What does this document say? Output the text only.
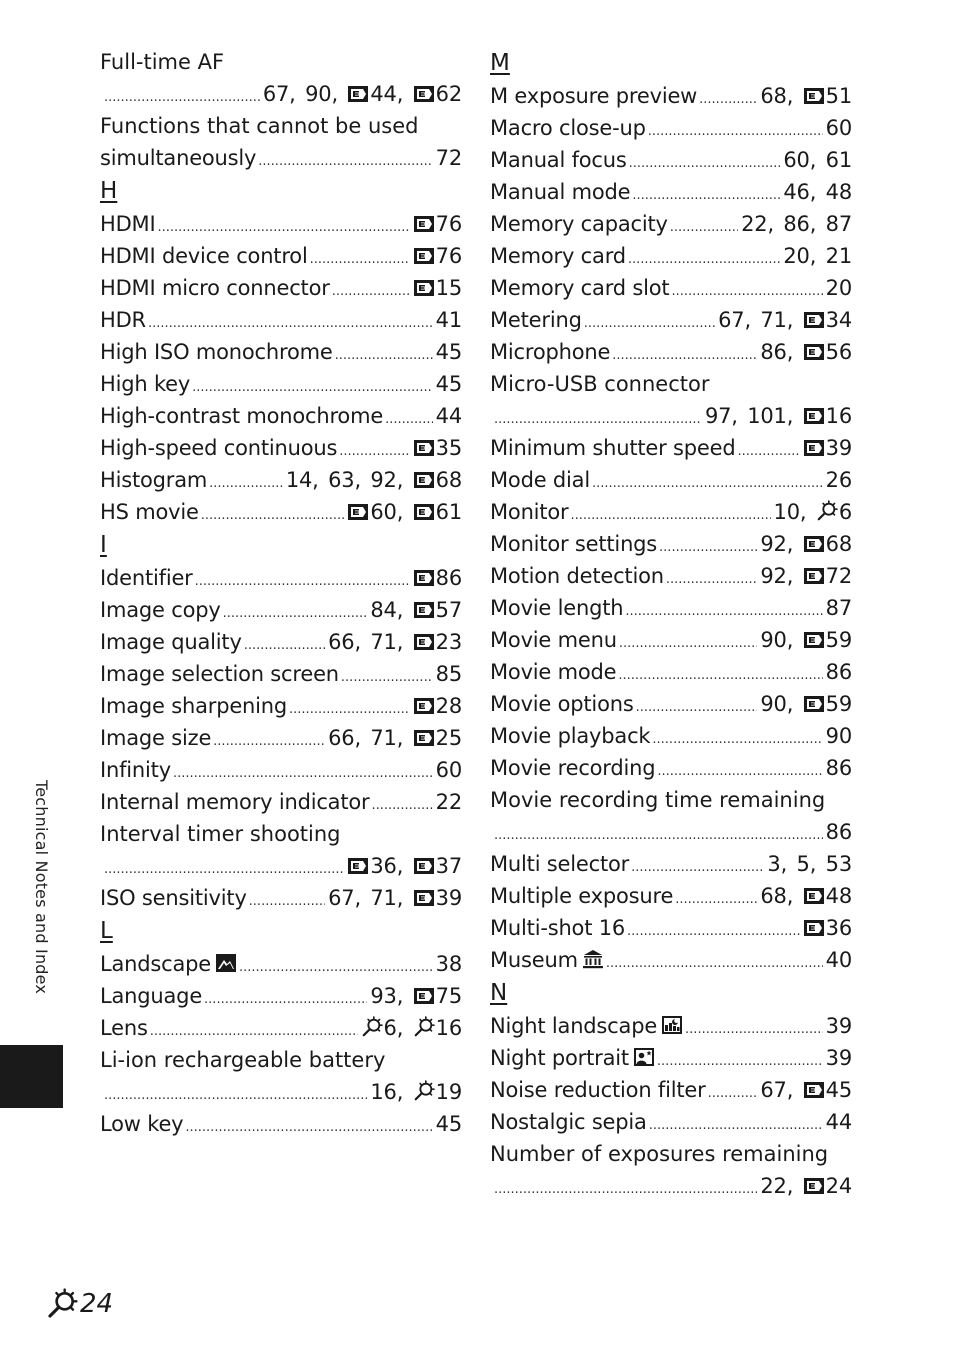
Full-time AF
.....
67 , 90 , 44 , 62
Functions that cannot be used
simultaneously .....	72
H
HDMI .....	76
HDMI device control .....	76
HDMI micro connector .....	15
HDR .....	41
High ISO monochrome .....	45
High key .....	45
High-contrast monochrome .....	44
High-speed continuous .....	35
Histogram .....	14 , 63 , 92 , 68
HS movie .....	60 , 61
I
Identifier .....	86
Image copy .....	84 , 57
Image quality .....	66 , 71 , 23
Image selection screen .....	85
Image sharpening .....	28
Image size .....	66 , 71 , 25
Infinity .....	60
Internal memory indicator .....	22
Interval timer shooting
.....
36 , 37
ISO sensitivity .....	67 , 71 , 39
L
Landscape .....	38
Language .....	93 , 75
Lens .....	6 , 16
Li-ion rechargeable battery
.....
16 , 19
Low key .....	45
M
M exposure preview .....	68 , 51
Macro close-up .....	60
Manual focus .....	60 , 61
Manual mode .....	46 , 48
Memory capacity .....	22 , 86 , 87
Memory card .....	20 , 21
Memory card slot .....	20
Metering .....	67 , 71 , 34
Microphone .....	86 , 56
Micro-USB connector
.....
97 , 101 , 16
Minimum shutter speed .....	39
Mode dial .....	26
Monitor .....	10 , 6
Monitor settings .....	92 , 68
Motion detection .....	92 , 72
Movie length .....	87
Movie menu .....	90 , 59
Movie mode .....	86
Movie options .....	90 , 59
Movie playback .....	90
Movie recording .....	86
Movie recording time remaining
.....
86
Multi selector .....	3 , 5 , 53
Multiple exposure .....	68 , 48
Multi-shot 16 .....	36
Museum .....	40
N
Night landscape .....	39
Night portrait .....	39
Noise reduction filter .....	67 , 45
Nostalgic sepia .....	44
Number of exposures remaining
.....
22 , 24
Technical Notes and Index
24
